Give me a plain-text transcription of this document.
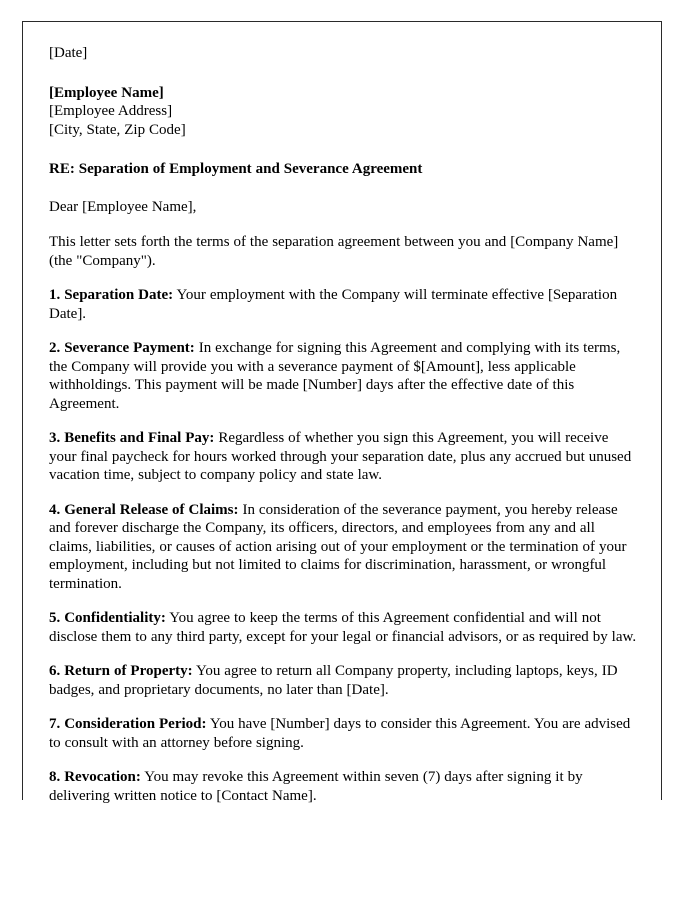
[Date]
[Employee Name]
[Employee Address]
[City, State, Zip Code]
RE: Separation of Employment and Severance Agreement
Dear [Employee Name],
This letter sets forth the terms of the separation agreement between you and [Company Name] (the "Company").
1. Separation Date: Your employment with the Company will terminate effective [Separation Date].
2. Severance Payment: In exchange for signing this Agreement and complying with its terms, the Company will provide you with a severance payment of $[Amount], less applicable withholdings. This payment will be made [Number] days after the effective date of this Agreement.
3. Benefits and Final Pay: Regardless of whether you sign this Agreement, you will receive your final paycheck for hours worked through your separation date, plus any accrued but unused vacation time, subject to company policy and state law.
4. General Release of Claims: In consideration of the severance payment, you hereby release and forever discharge the Company, its officers, directors, and employees from any and all claims, liabilities, or causes of action arising out of your employment or the termination of your employment, including but not limited to claims for discrimination, harassment, or wrongful termination.
5. Confidentiality: You agree to keep the terms of this Agreement confidential and will not disclose them to any third party, except for your legal or financial advisors, or as required by law.
6. Return of Property: You agree to return all Company property, including laptops, keys, ID badges, and proprietary documents, no later than [Date].
7. Consideration Period: You have [Number] days to consider this Agreement. You are advised to consult with an attorney before signing.
8. Revocation: You may revoke this Agreement within seven (7) days after signing it by delivering written notice to [Contact Name].
